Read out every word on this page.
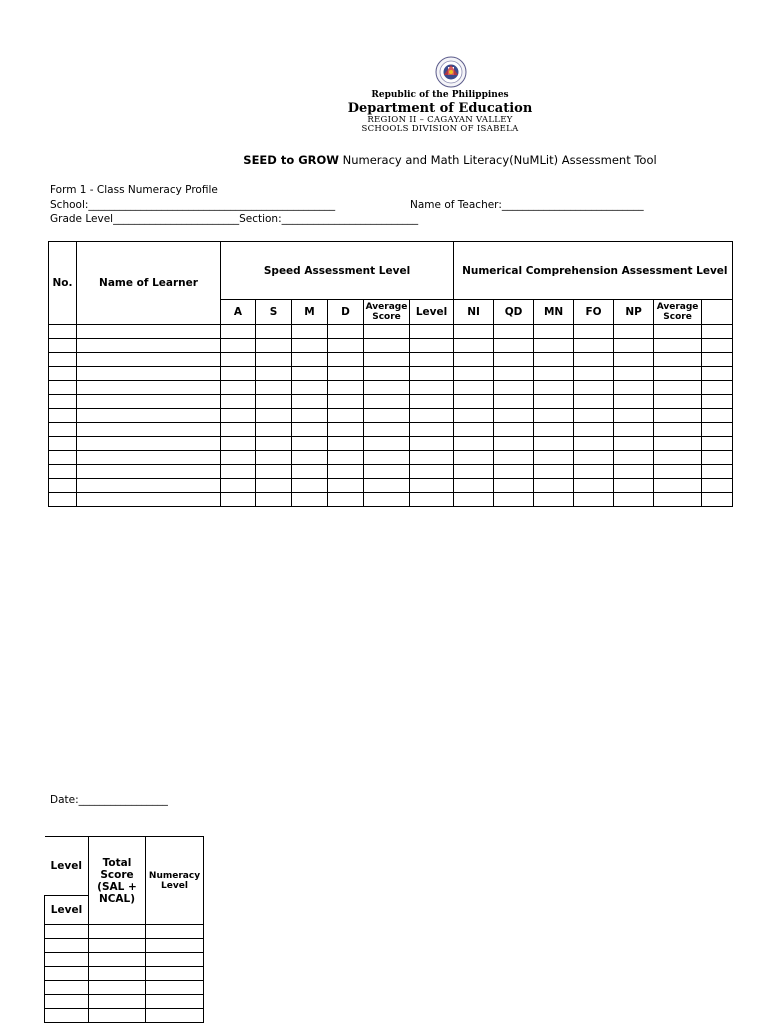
Republic of the Philippines
Department of Education
REGION II – CAGAYAN VALLEY
SCHOOLS DIVISION OF ISABELA
SEED to GROW Numeracy and Math Literacy(NuMLit) Assessment Tool
Form 1 - Class Numeracy Profile
School:_______________________________________________	Name of Teacher:___________________________
Grade Level________________________Section:__________________________
No.	Name of Learner	Speed Assessment Level						Numerical Comprehension Assessment Level						
		A	S	M	D	Average Score	Level	NI	QD	MN	FO	NP	Average Score	

Date:_________________
Level	Total Score (SAL + NCAL)	Numeracy Level
Level		
